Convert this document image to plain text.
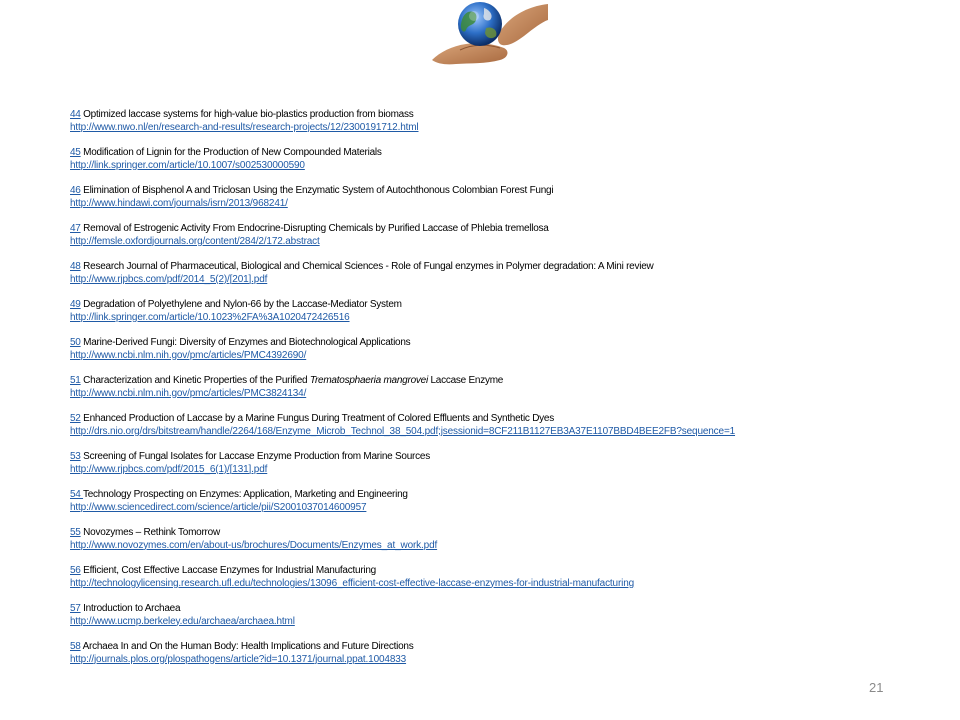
44 Optimized laccase systems for high-value bio-plastics production from biomass
http://www.nwo.nl/en/research-and-results/research-projects/12/2300191712.html
45 Modification of Lignin for the Production of New Compounded Materials
http://link.springer.com/article/10.1007/s002530000590
46 Elimination of Bisphenol A and Triclosan Using the Enzymatic System of Autochthonous Colombian Forest Fungi
http://www.hindawi.com/journals/isrn/2013/968241/
47 Removal of Estrogenic Activity From Endocrine-Disrupting Chemicals by Purified Laccase of Phlebia tremellosa
http://femsle.oxfordjournals.org/content/284/2/172.abstract
48 Research Journal of Pharmaceutical, Biological and Chemical Sciences - Role of Fungal enzymes in Polymer degradation: A Mini review
http://www.rjpbcs.com/pdf/2014_5(2)/[201].pdf
49 Degradation of Polyethylene and Nylon-66 by the Laccase-Mediator System
http://link.springer.com/article/10.1023%2FA%3A1020472426516
50 Marine-Derived Fungi: Diversity of Enzymes and Biotechnological Applications
http://www.ncbi.nlm.nih.gov/pmc/articles/PMC4392690/
51 Characterization and Kinetic Properties of the Purified Trematosphaeria mangrovei Laccase Enzyme
http://www.ncbi.nlm.nih.gov/pmc/articles/PMC3824134/
52 Enhanced Production of Laccase by a Marine Fungus During Treatment of Colored Effluents and Synthetic Dyes
http://drs.nio.org/drs/bitstream/handle/2264/168/Enzyme_Microb_Technol_38_504.pdf;jsessionid=8CF211B1127EB3A37E1107BBD4BEE2FB?sequence=1
53 Screening of Fungal Isolates for Laccase Enzyme Production from Marine Sources
http://www.rjpbcs.com/pdf/2015_6(1)/[131].pdf
54 Technology Prospecting on Enzymes: Application, Marketing and Engineering
http://www.sciencedirect.com/science/article/pii/S2001037014600957
55 Novozymes – Rethink Tomorrow
http://www.novozymes.com/en/about-us/brochures/Documents/Enzymes_at_work.pdf
56 Efficient, Cost Effective Laccase Enzymes for Industrial Manufacturing
http://technologylicensing.research.ufl.edu/technologies/13096_efficient-cost-effective-laccase-enzymes-for-industrial-manufacturing
57 Introduction to Archaea
http://www.ucmp.berkeley.edu/archaea/archaea.html
58 Archaea In and On the Human Body: Health Implications and Future Directions
http://journals.plos.org/plospathogens/article?id=10.1371/journal.ppat.1004833
21
